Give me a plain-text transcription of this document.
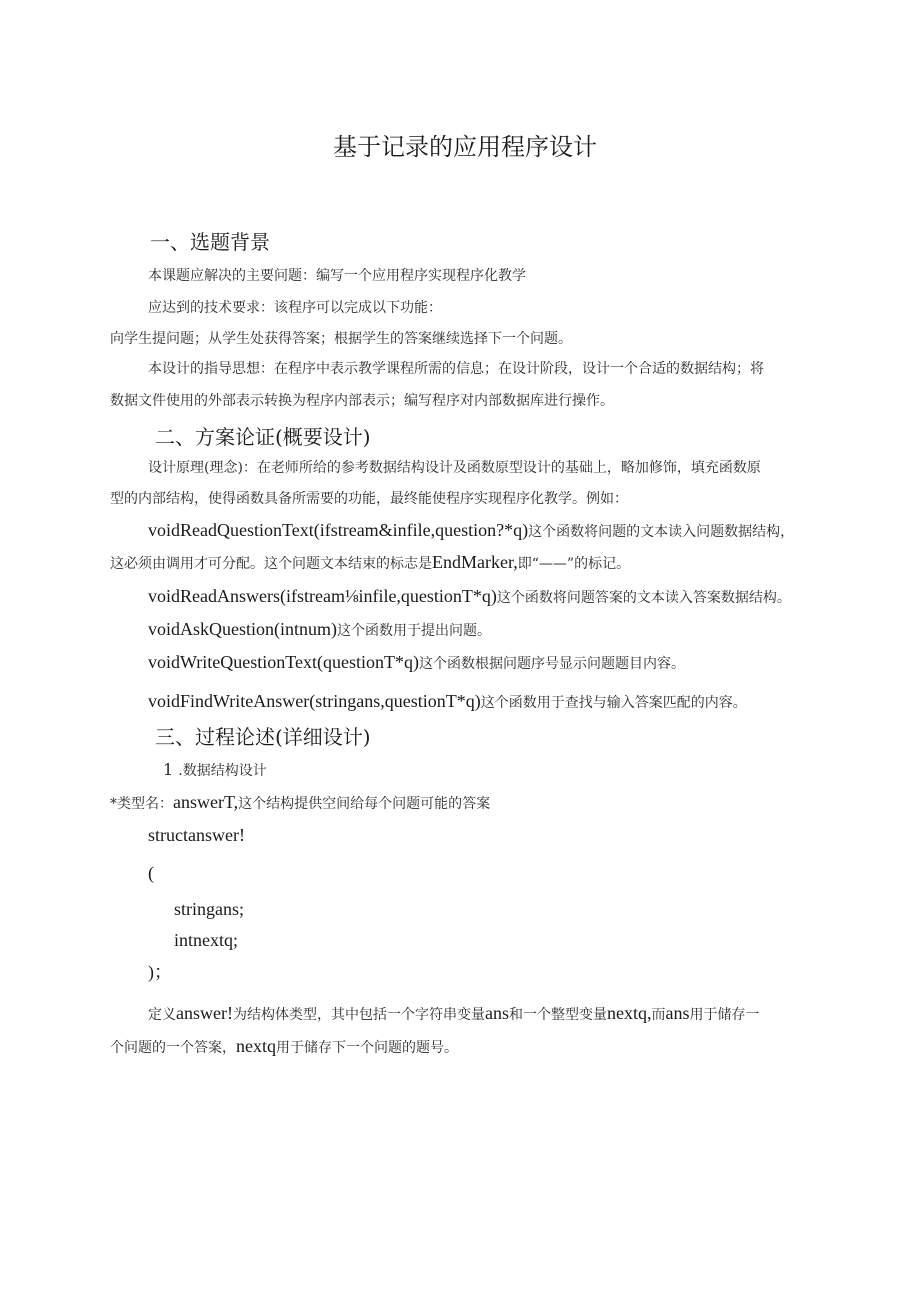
基于记录的应用程序设计
一、选题背景
本课题应解决的主要问题：编写一个应用程序实现程序化教学
应达到的技术要求：该程序可以完成以下功能：
向学生提问题；从学生处获得答案；根据学生的答案继续选择下一个问题。
本设计的指导思想：在程序中表示教学课程所需的信息；在设计阶段，设计一个合适的数据结构；将
数据文件使用的外部表示转换为程序内部表示；编写程序对内部数据库进行操作。
二、方案论证(概要设计)
设计原理(理念)：在老师所给的参考数据结构设计及函数原型设计的基础上，略加修饰，填充函数原
型的内部结构，使得函数具备所需要的功能，最终能使程序实现程序化教学。例如：
voidReadQuestionText(ifstream&infile,question?*q)这个函数将问题的文本读入问题数据结构，
这必须由调用才可分配。这个问题文本结束的标志是EndMarker,即“——”的标记。
voidReadAnswers(ifstream⅛infile,questionT*q)这个函数将问题答案的文本读入答案数据结构。
voidAskQuestion(intnum)这个函数用于提出问题。
voidWriteQuestionText(questionT*q)这个函数根据问题序号显示问题题目内容。
voidFindWriteAnswer(stringans,questionT*q)这个函数用于查找与输入答案匹配的内容。
三、过程论述(详细设计)
1 .数据结构设计
*类型名：answerT,这个结构提供空间给每个问题可能的答案
structanswer!
(
stringans;
intnextq;
)；
定义answer!为结构体类型，其中包括一个字符串变量ans和一个整型变量nextq,而ans用于储存一
个问题的一个答案，nextq用于储存下一个问题的题号。
